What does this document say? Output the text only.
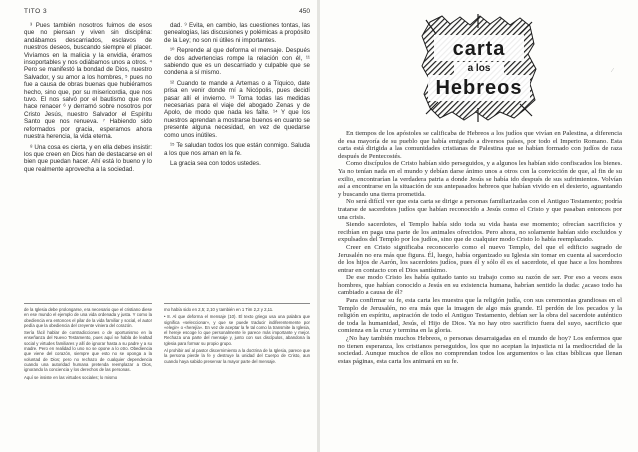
TITO 3	450

³ Pues también nosotros fuimos de esos que no piensan y viven sin disciplina: andábamos descarriados, esclavos de nuestros deseos, buscando siempre el placer. Vivíamos en la malicia y la envidia, éramos insoportables y nos odiábamos unos a otros. ⁴ Pero se manifestó la bondad de Dios, nuestro Salvador, y su amor a los hombres, ⁵ pues no fue a causa de obras buenas que hubiéramos hecho, sino que, por su misericordia, que nos tuvo. El nos salvó por el bautismo que nos hace renacer ⁶ y derramó sobre nosotros por Cristo Jesús, nuestro Salvador el Espíritu Santo que nos renueva. ⁷ Habiendo sido reformados por gracia, esperamos ahora nuestra herencia, la vida eterna.

⁸ Una cosa es cierta, y en ella debes insistir: los que creen en Dios han de destacarse en el bien que puedan hacer. Ahí está lo bueno y lo que realmente aprovecha a la sociedad.

dad. ⁹ Evita, en cambio, las cuestiones tontas, las genealogías, las discusiones y polémicas a propósito de la Ley; no son ni útiles ni importantes.

¹⁰ Reprende al que deforma el mensaje. Después de dos advertencias rompe la relación con él, ¹¹ sabiendo que es un descarriado y culpable que se condena a sí mismo.

¹² Cuando te mande a Artemas o a Tíquico, date prisa en venir donde mí a Nicópolis, pues decidí pasar allí el invierno. ¹³ Toma todas las medidas necesarias para el viaje del abogado Zenas y de Apolo, de modo que nada les falte. ¹⁴ Y que los nuestros aprendan a mostrarse buenos en cuanto se presente alguna necesidad, en vez de quedarse como unos inútiles.

¹⁵ Te saludan todos los que están conmigo. Saluda a los que nos aman en la fe.

La gracia sea con todos ustedes.

de la Iglesia debe prolongarse, era necesario que el cristiano diese en ese mundo el ejemplo de una vida ordenada y justa. Y como la obediencia era entonces el pilar de la vida familiar y social, el autor pedía que la obediencia del creyente viniera del corazón.

Sería fácil hablar de contradicciones o de oportunismo en la enseñanza del Nuevo Testamento, pues aquí se habla de lealtad social y virtudes familiares y allí de ignorar hasta a su padre y a su madre. Pero en realidad lo uno no se opone a lo otro. Obediencia que viene del corazón, siempre que esto no se oponga a la voluntad de Dios; pero no rechazo de cualquier dependencia cuando una autoridad humana pretenda reemplazar a Dios, ignorando la conciencia y los derechos de las personas.

Aquí se insiste en las virtudes sociales; lo mismo

mo había sido en 2,5; 2,10 y también en 1 Tim 2,2 y 2,11.

• 8. Al que deforma el mensaje (10). El texto griego usa una palabra que significa «seleccionar», y que se puede traducir indiferentemente por «elegir» o «herejía». En vez de aceptar la fe tal como la transmite la Iglesia, el hereje escoge lo que personalmente le parece más importante y mejor. Rechaza una parte del mensaje y, junto con sus discípulos, abandona la Iglesia para formar su propio grupo.

Al prohibir así al pastor discernimiento a la doctrina de la Iglesia, parece que la persona pierde la fe y destruye la unidad del Cuerpo de Cristo, aun cuando haya sabido preservar la mayor parte del mensaje.

carta
a los
Hebreos
⁄

En tiempos de los apóstoles se calificaba de Hebreos a los judíos que vivían en Palestina, a diferencia de esa mayoría de su pueblo que había emigrado a diversos países, por todo el Imperio Romano. Esta carta está dirigida a las comunidades cristianas de Palestina que se habían formado con judíos de raza después de Pentecostés.

Como discípulos de Cristo habían sido perseguidos, y a algunos les habían sido confiscados los bienes. Ya no tenían nada en el mundo y debían darse ánimo unos a otros con la convicción de que, al fin de su exilio, encontrarían la verdadera patria a donde Jesús se había ido después de sus sufrimientos. Volvían así a encontrarse en la situación de sus antepasados hebreos que habían vivido en el desierto, aguantando y buscando una tierra prometida.

No será difícil ver que esta carta se dirige a personas familiarizadas con el Antiguo Testamento; podría tratarse de sacerdotes judíos que habían reconocido a Jesús como el Cristo y que pasaban entonces por una crisis.

Siendo sacerdotes, el Templo había sido toda su vida hasta ese momento; ofrecían sacrificios y recibían en paga una parte de los animales ofrecidos. Pero ahora, no solamente habían sido excluidos y expulsados del Templo por los judíos, sino que de cualquier modo Cristo lo había reemplazado.

Creer en Cristo significaba reconocerlo como el nuevo Templo, del que el edificio sagrado de Jerusalén no era más que figura. Él, luego, había organizado su Iglesia sin tomar en cuenta al sacerdocio de los hijos de Aarón, los sacerdotes judíos, pues él y sólo él es el sacerdote, el que hace a los hombres entrar en contacto con el Dios santísimo.

De ese modo Cristo les había quitado tanto su trabajo como su razón de ser. Por eso a veces esos hombres, que habían conocido a Jesús en su existencia humana, habrían sentido la duda: ¿acaso todo ha cambiado a causa de él?

Para confirmar su fe, esta carta les muestra que la religión judía, con sus ceremonias grandiosas en el Templo de Jerusalén, no era más que la imagen de algo más grande. El perdón de los pecados y la religión en espíritu, aspiración de todo el Antiguo Testamento, debían ser la obra del sacerdote auténtico de toda la humanidad, Jesús, el Hijo de Dios. Ya no hay otro sacrificio fuera del suyo, sacrificio que comienza en la cruz y termina en la gloria.

¿No hay también muchos Hebreos, o personas desarraigadas en el mundo de hoy? Los enfermos que no tienen esperanza, los cristianos perseguidos, los que no aceptan la injusticia ni la mediocridad de la sociedad. Aunque muchos de ellos no comprendan todos los argumentos o las citas bíblicas que llenan estas páginas, esta carta los animará en su fe.
